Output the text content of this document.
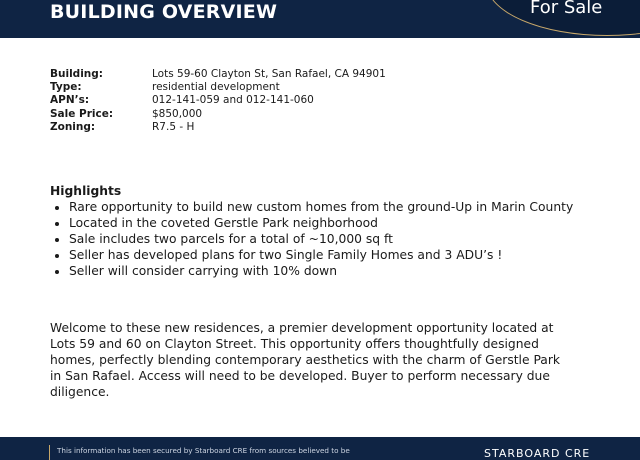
BUILDING OVERVIEW	For Sale
Building:	Lots 59-60 Clayton St, San Rafael, CA 94901
Type:	residential development
APN’s:	012-141-059 and 012-141-060
Sale Price:	$850,000
Zoning:	R7.5 - H
Highlights
Rare opportunity to build new custom homes from the ground-Up in Marin County
Located in the coveted Gerstle Park neighborhood
Sale includes two parcels for a total of ~10,000 sq ft
Seller has developed plans for two Single Family Homes and 3 ADU’s !
Seller will consider carrying with 10% down

Welcome to these new residences, a premier development opportunity located at Lots 59 and 60 on Clayton Street. This opportunity offers thoughtfully designed homes, perfectly blending contemporary aesthetics with the charm of Gerstle Park in San Rafael. Access will need to be developed. Buyer to perform necessary due diligence.

This information has been secured by Starboard CRE from sources believed to be	STARBOARD CRE
